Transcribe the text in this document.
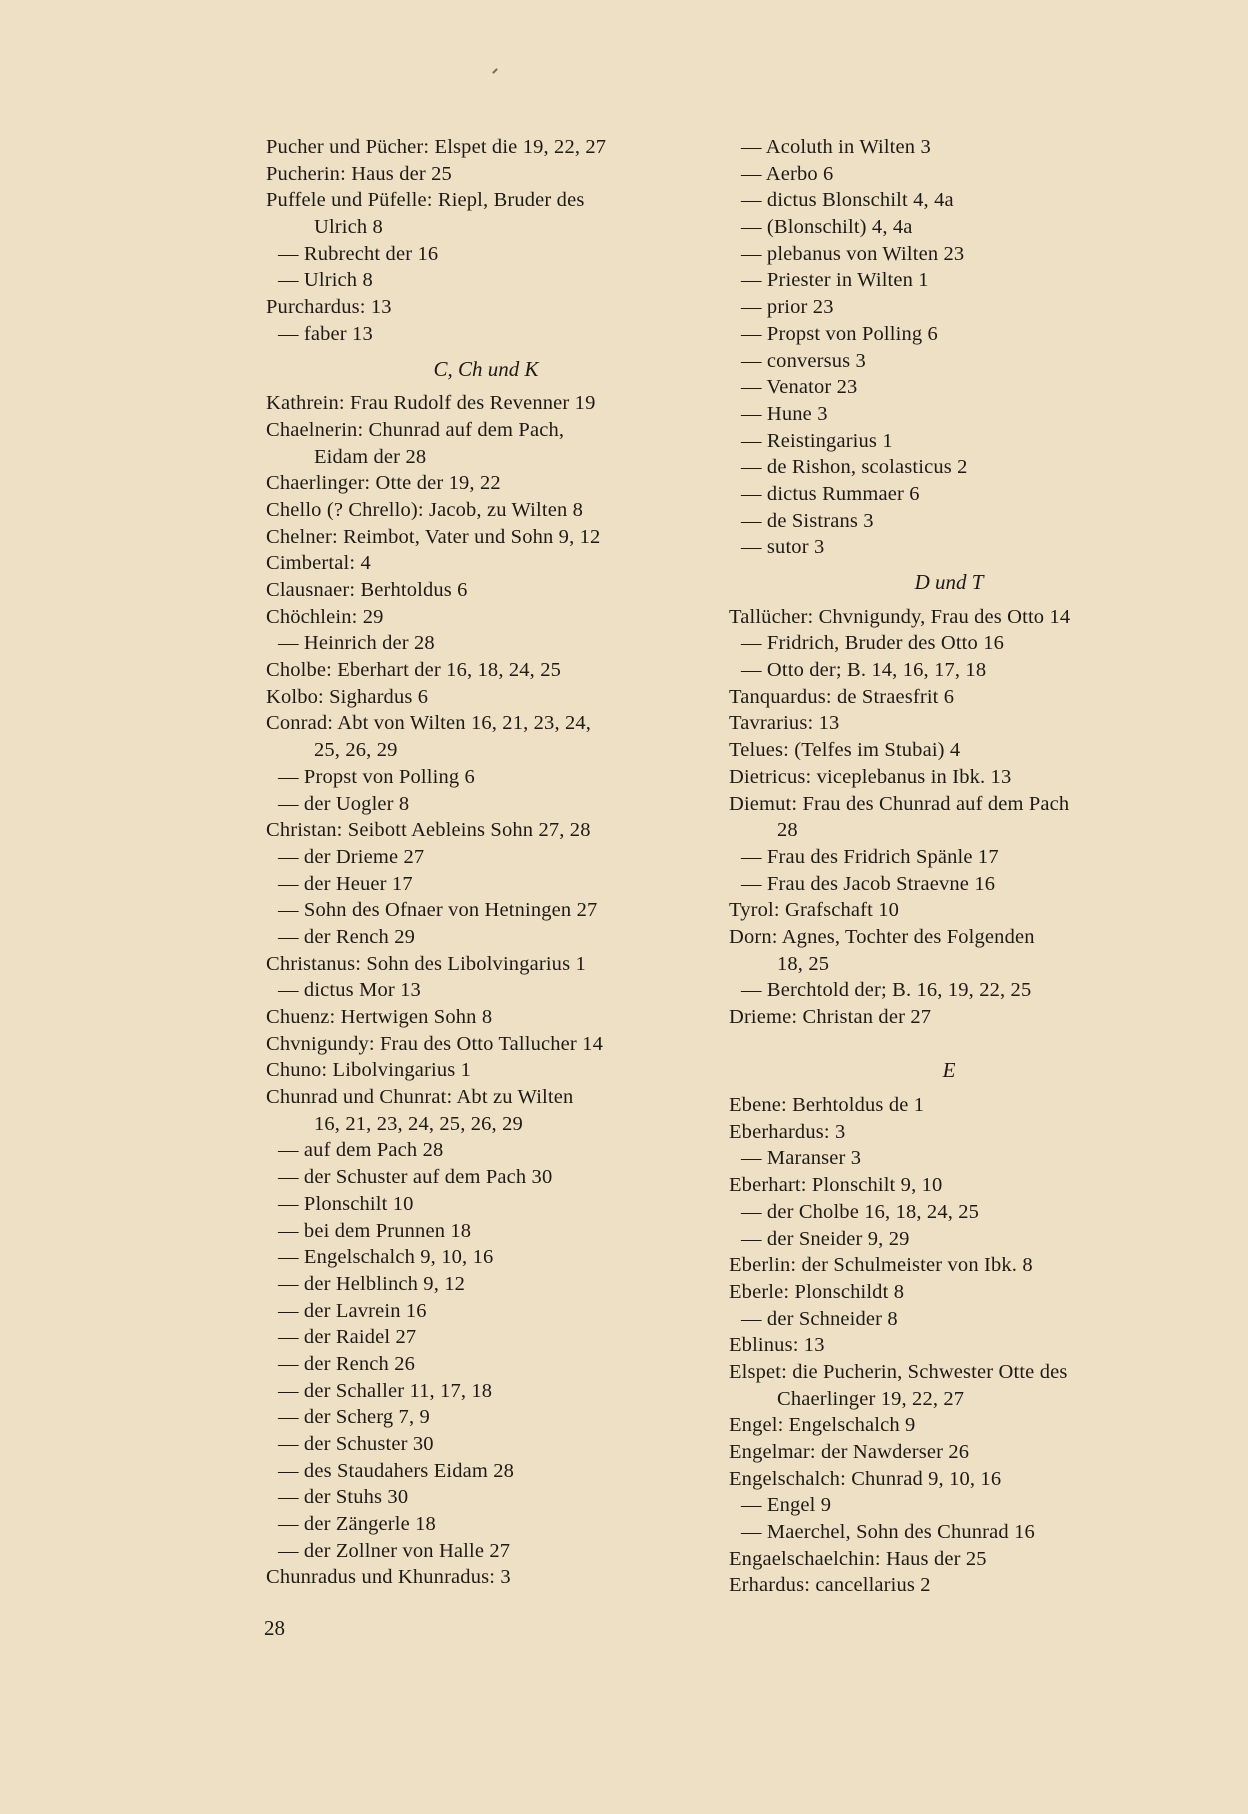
Pucher und Pücher: Elspet die 19, 22, 27
Pucherin: Haus der 25
Puffele und Püfelle: Riepl, Bruder des
Ulrich 8
— Rubrecht der 16
— Ulrich 8
Purchardus: 13
— faber 13
C, Ch und K
Kathrein: Frau Rudolf des Revenner 19
Chaelnerin: Chunrad auf dem Pach,
Eidam der 28
Chaerlinger: Otte der 19, 22
Chello (? Chrello): Jacob, zu Wilten 8
Chelner: Reimbot, Vater und Sohn 9, 12
Cimbertal: 4
Clausnaer: Berhtoldus 6
Chöchlein: 29
— Heinrich der 28
Cholbe: Eberhart der 16, 18, 24, 25
Kolbo: Sighardus 6
Conrad: Abt von Wilten 16, 21, 23, 24,
25, 26, 29
— Propst von Polling 6
— der Uogler 8
Christan: Seibott Aebleins Sohn 27, 28
— der Drieme 27
— der Heuer 17
— Sohn des Ofnaer von Hetningen 27
— der Rench 29
Christanus: Sohn des Libolvingarius 1
— dictus Mor 13
Chuenz: Hertwigen Sohn 8
Chvnigundy: Frau des Otto Tallucher 14
Chuno: Libolvingarius 1
Chunrad und Chunrat: Abt zu Wilten
16, 21, 23, 24, 25, 26, 29
— auf dem Pach 28
— der Schuster auf dem Pach 30
— Plonschilt 10
— bei dem Prunnen 18
— Engelschalch 9, 10, 16
— der Helblinch 9, 12
— der Lavrein 16
— der Raidel 27
— der Rench 26
— der Schaller 11, 17, 18
— der Scherg 7, 9
— der Schuster 30
— des Staudahers Eidam 28
— der Stuhs 30
— der Zängerle 18
— der Zollner von Halle 27
Chunradus und Khunradus: 3
— Acoluth in Wilten 3
— Aerbo 6
— dictus Blonschilt 4, 4a
— (Blonschilt) 4, 4a
— plebanus von Wilten 23
— Priester in Wilten 1
— prior 23
— Propst von Polling 6
— conversus 3
— Venator 23
— Hune 3
— Reistingarius 1
— de Rishon, scolasticus 2
— dictus Rummaer 6
— de Sistrans 3
— sutor 3
D und T
Tallücher: Chvnigundy, Frau des Otto 14
— Fridrich, Bruder des Otto 16
— Otto der; B. 14, 16, 17, 18
Tanquardus: de Straesfrit 6
Tavrarius: 13
Telues: (Telfes im Stubai) 4
Dietricus: viceplebanus in Ibk. 13
Diemut: Frau des Chunrad auf dem Pach
28
— Frau des Fridrich Spänle 17
— Frau des Jacob Straevne 16
Tyrol: Grafschaft 10
Dorn: Agnes, Tochter des Folgenden
18, 25
— Berchtold der; B. 16, 19, 22, 25
Drieme: Christan der 27
E
Ebene: Berhtoldus de 1
Eberhardus: 3
— Maranser 3
Eberhart: Plonschilt 9, 10
— der Cholbe 16, 18, 24, 25
— der Sneider 9, 29
Eberlin: der Schulmeister von Ibk. 8
Eberle: Plonschildt 8
— der Schneider 8
Eblinus: 13
Elspet: die Pucherin, Schwester Otte des
Chaerlinger 19, 22, 27
Engel: Engelschalch 9
Engelmar: der Nawderser 26
Engelschalch: Chunrad 9, 10, 16
— Engel 9
— Maerchel, Sohn des Chunrad 16
Engaelschaelchin: Haus der 25
Erhardus: cancellarius 2
28
